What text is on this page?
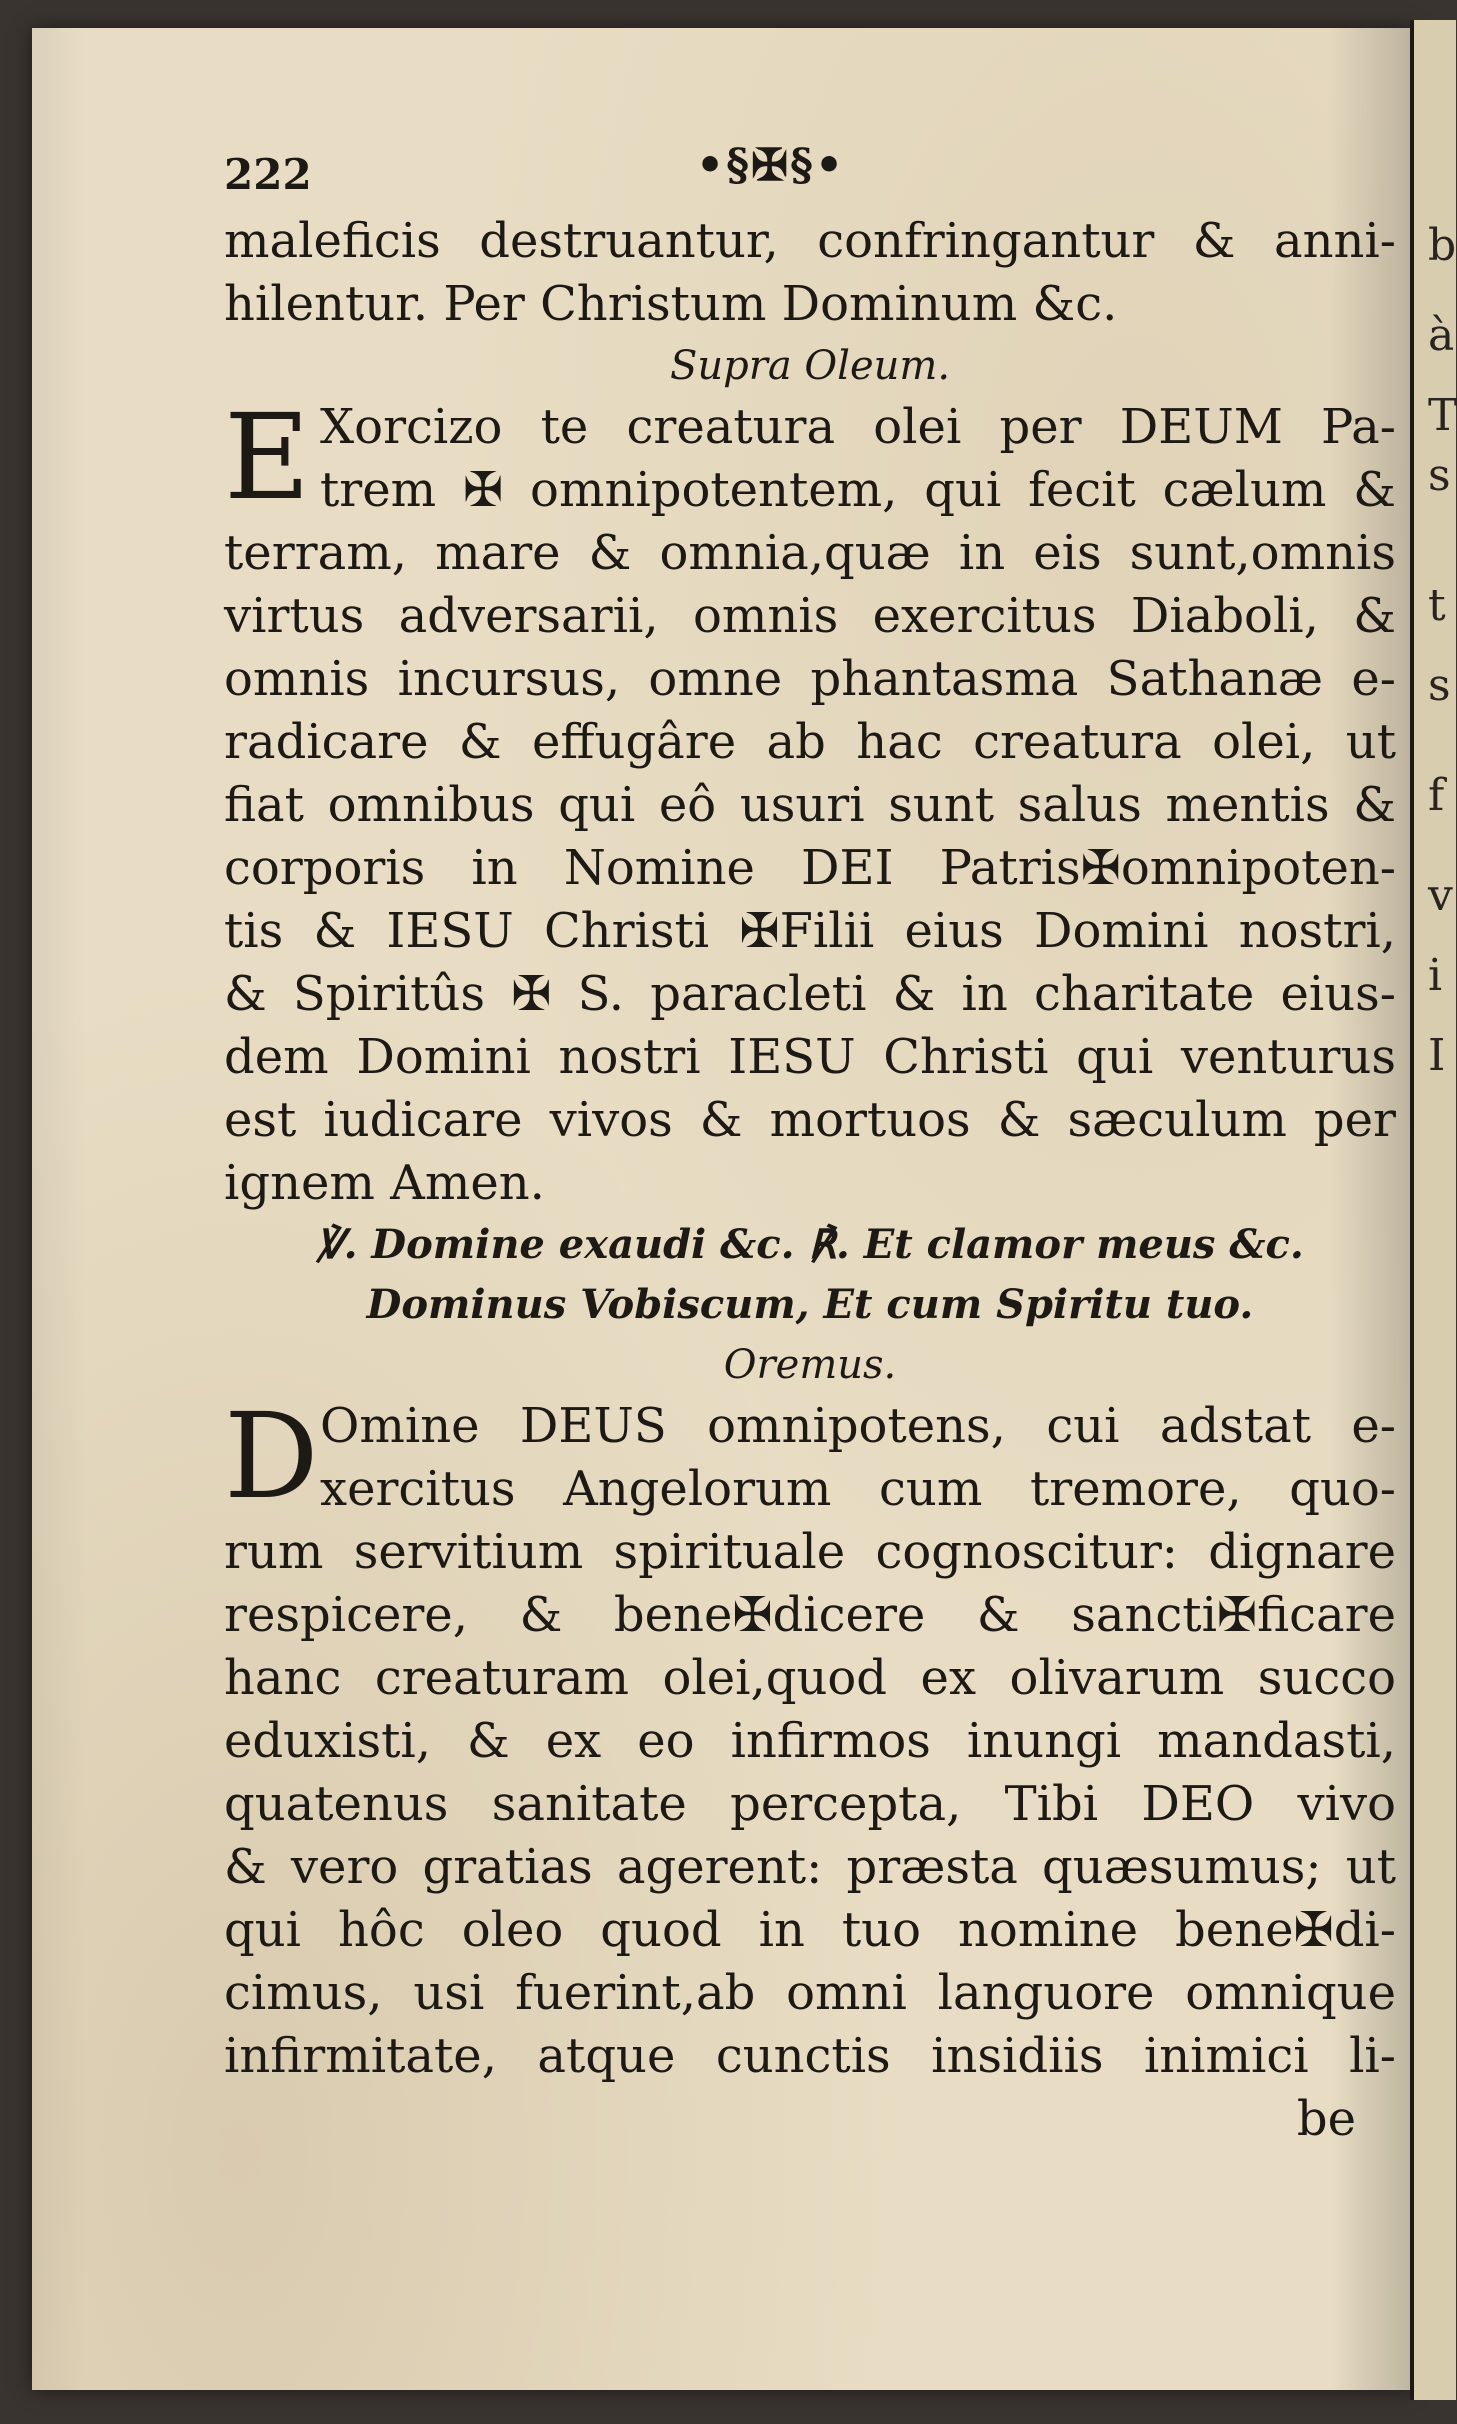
b
à
T
s
t
s
f
v
i
I
222	•§✠§•
maleficis destruantur, confringantur & anni-
hilentur. Per Christum Dominum &c.
Supra Oleum.
E Xorcizo te creatura olei per DEUM Pa-
trem ✠ omnipotentem, qui fecit cælum &
terram, mare & omnia,quæ in eis sunt,omnis
virtus adversarii, omnis exercitus Diaboli, &
omnis incursus, omne phantasma Sathanæ e-
radicare & effugâre ab hac creatura olei, ut
fiat omnibus qui eô usuri sunt salus mentis &
corporis in Nomine DEI Patris✠omnipoten-
tis & IESU Christi ✠Filii eius Domini nostri,
& Spiritûs ✠ S. paracleti & in charitate eius-
dem Domini nostri IESU Christi qui venturus
est iudicare vivos & mortuos & sæculum per
ignem Amen.
℣. Domine exaudi &c. ℟. Et clamor meus &c.
Dominus Vobiscum, Et cum Spiritu tuo.
Oremus.
D Omine DEUS omnipotens, cui adstat e-
xercitus Angelorum cum tremore, quo-
rum servitium spirituale cognoscitur: dignare
respicere, & bene✠dicere & sancti✠ficare
hanc creaturam olei,quod ex olivarum succo
eduxisti, & ex eo infirmos inungi mandasti,
quatenus sanitate percepta, Tibi DEO vivo
& vero gratias agerent: præsta quæsumus; ut
qui hôc oleo quod in tuo nomine bene✠di-
cimus, usi fuerint,ab omni languore omnique
infirmitate, atque cunctis insidiis inimici li-
be
